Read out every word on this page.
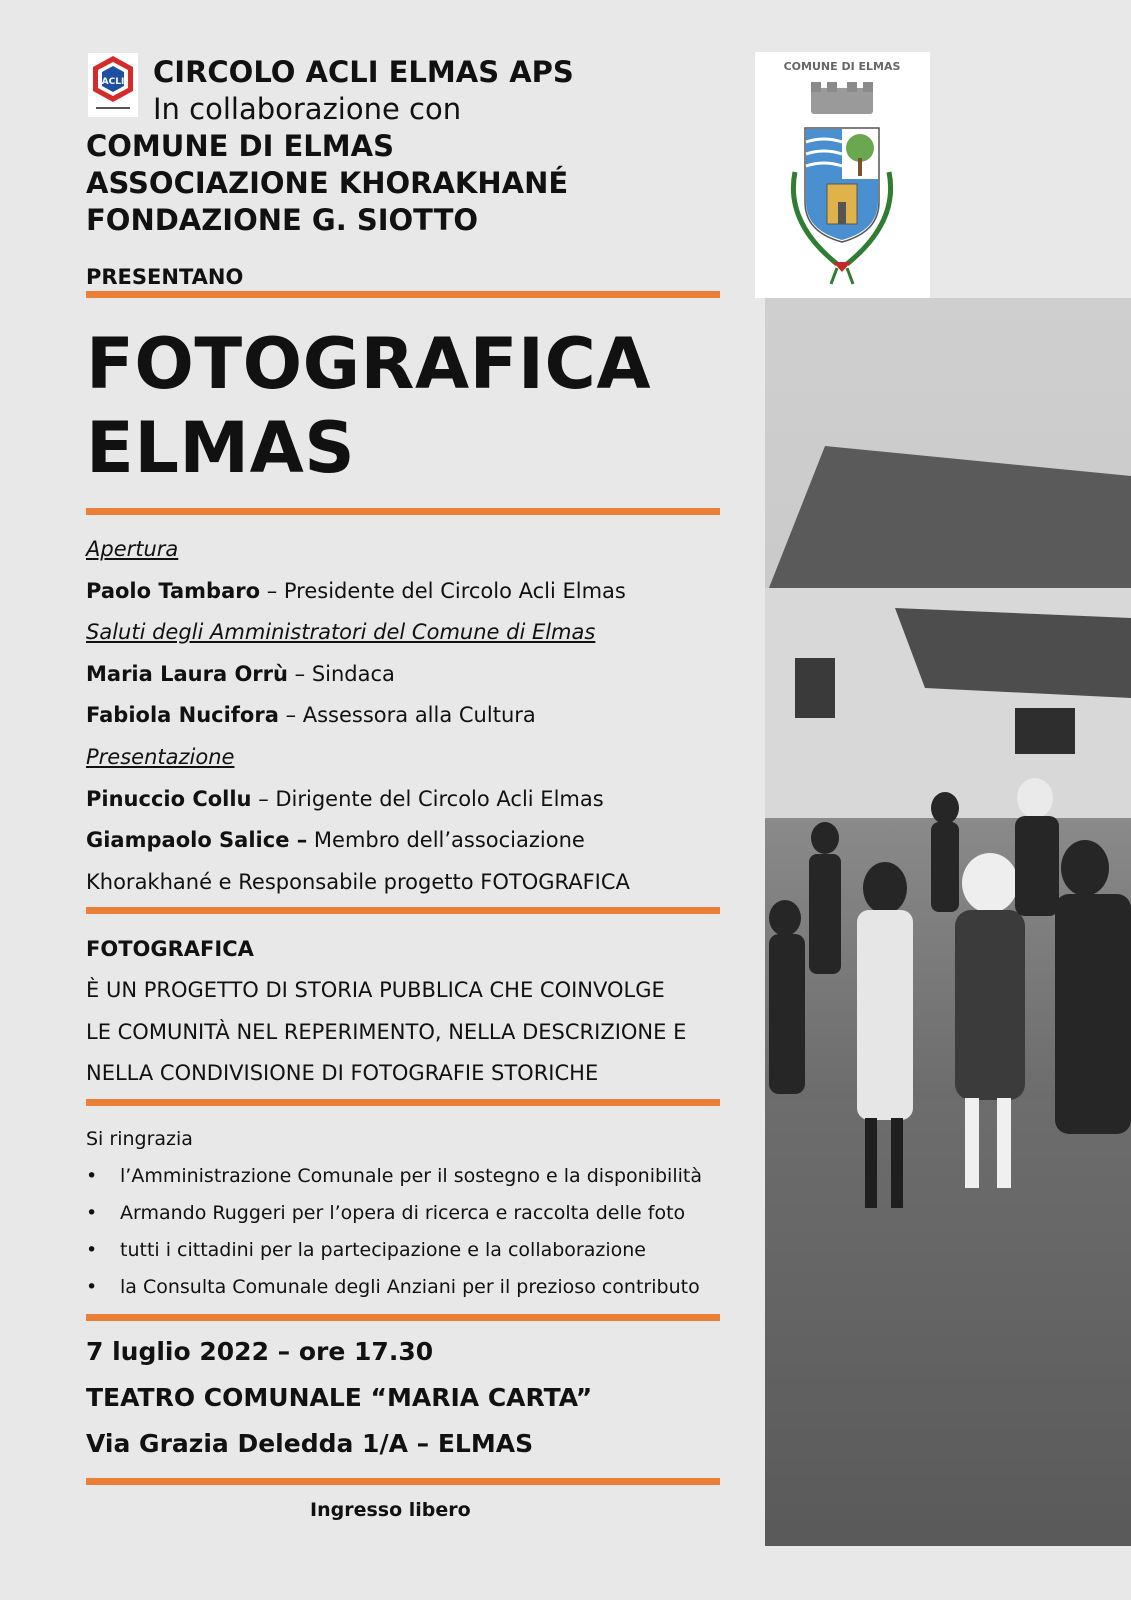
ACLI CIRCOLO ACLI ELMAS APS
In collaborazione con
COMUNE DI ELMAS
ASSOCIAZIONE KHORAKHANÉ
FONDAZIONE G. SIOTTO
PRESENTANO
FOTOGRAFICA
ELMAS
Apertura
Paolo Tambaro – Presidente del Circolo Acli Elmas
Saluti degli Amministratori del Comune di Elmas
Maria Laura Orrù – Sindaca
Fabiola Nucifora – Assessora alla Cultura
Presentazione
Pinuccio Collu – Dirigente del Circolo Acli Elmas
Giampaolo Salice – Membro dell’associazione
Khorakhané e Responsabile progetto FOTOGRAFICA
FOTOGRAFICA
È UN PROGETTO DI STORIA PUBBLICA CHE COINVOLGE
LE COMUNITÀ NEL REPERIMENTO, NELLA DESCRIZIONE E
NELLA CONDIVISIONE DI FOTOGRAFIE STORICHE
Si ringrazia
• l’Amministrazione Comunale per il sostegno e la disponibilità
• Armando Ruggeri per l’opera di ricerca e raccolta delle foto
• tutti i cittadini per la partecipazione e la collaborazione
• la Consulta Comunale degli Anziani per il prezioso contributo
7 luglio 2022 – ore 17.30
TEATRO COMUNALE “MARIA CARTA”
Via Grazia Deledda 1/A – ELMAS
Ingresso libero
COMUNE DI ELMAS
